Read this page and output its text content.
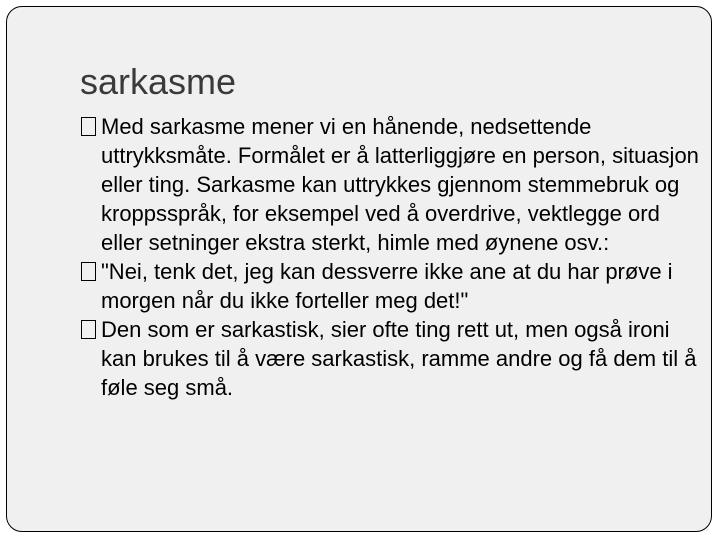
sarkasme
Med sarkasme mener vi en hånende, nedsettende uttrykksmåte. Formålet er å latterliggjøre en person, situasjon eller ting. Sarkasme kan uttrykkes gjennom stemmebruk og kroppsspråk, for eksempel ved å overdrive, vektlegge ord eller setninger ekstra sterkt, himle med øynene osv.:
"Nei, tenk det, jeg kan dessverre ikke ane at du har prøve i morgen når du ikke forteller meg det!"
Den som er sarkastisk, sier ofte ting rett ut, men også ironi kan brukes til å være sarkastisk, ramme andre og få dem til å føle seg små.
